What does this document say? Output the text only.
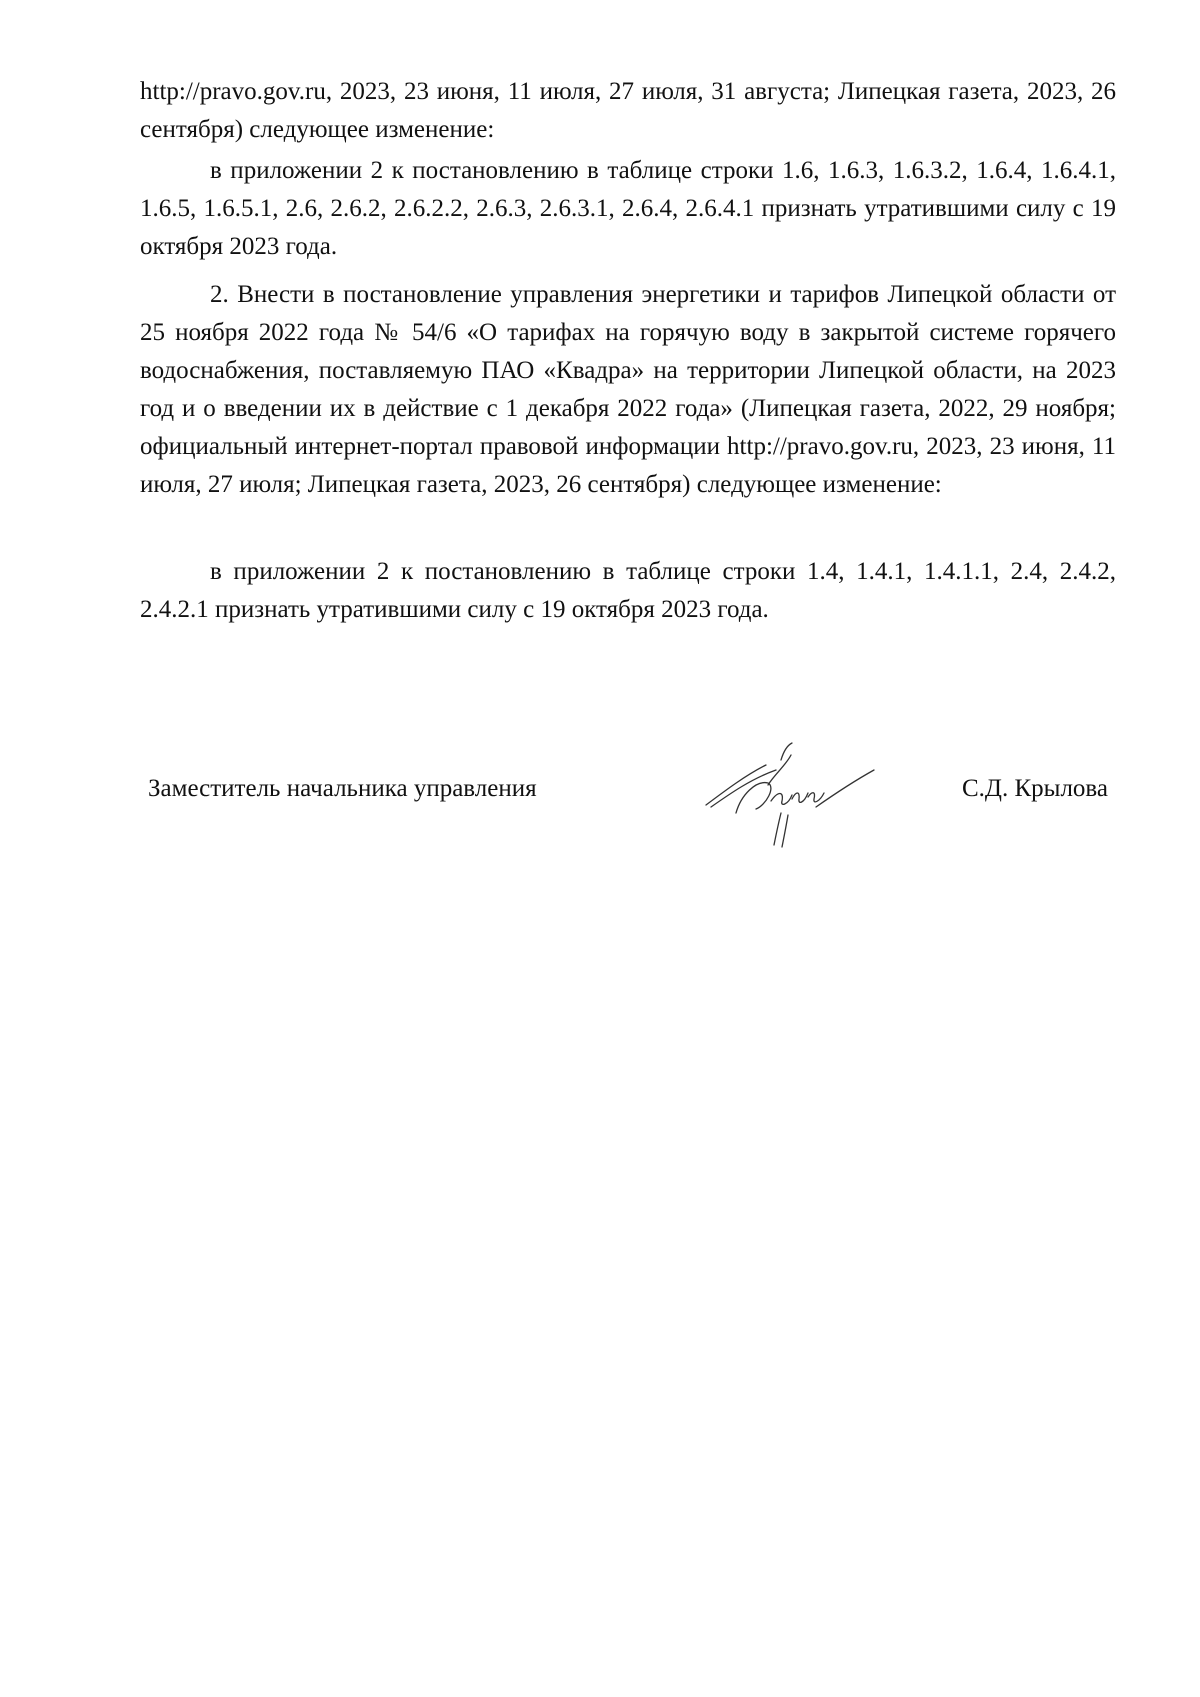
http://pravo.gov.ru, 2023, 23 июня, 11 июля, 27 июля, 31 августа; Липецкая газета, 2023, 26 сентября) следующее изменение:

в приложении 2 к постановлению в таблице строки 1.6, 1.6.3, 1.6.3.2, 1.6.4, 1.6.4.1, 1.6.5, 1.6.5.1, 2.6, 2.6.2, 2.6.2.2, 2.6.3, 2.6.3.1, 2.6.4, 2.6.4.1 признать утратившими силу с 19 октября 2023 года.

2. Внести в постановление управления энергетики и тарифов Липецкой области от 25 ноября 2022 года № 54/6 «О тарифах на горячую воду в закрытой системе горячего водоснабжения, поставляемую ПАО «Квадра» на территории Липецкой области, на 2023 год и о введении их в действие с 1 декабря 2022 года» (Липецкая газета, 2022, 29 ноября; официальный интернет-портал правовой информации http://pravo.gov.ru, 2023, 23 июня, 11 июля, 27 июля; Липецкая газета, 2023, 26 сентября) следующее изменение:

в приложении 2 к постановлению в таблице строки 1.4, 1.4.1, 1.4.1.1, 2.4, 2.4.2, 2.4.2.1 признать утратившими силу с 19 октября 2023 года.

Заместитель начальника управления	С.Д. Крылова
